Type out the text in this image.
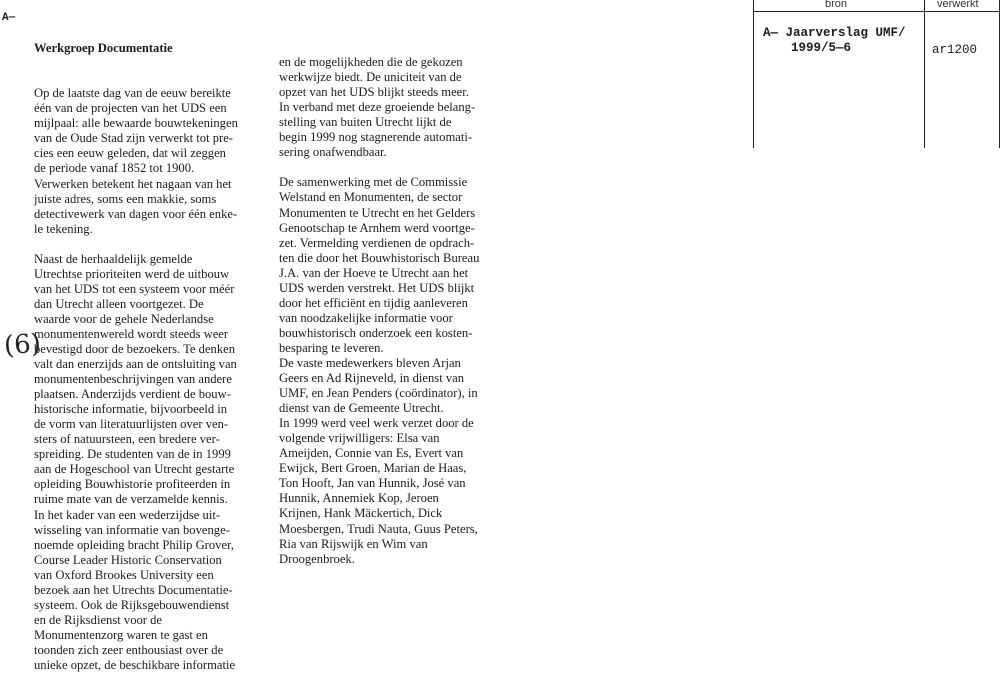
A—
(6)

Werkgroep Documentatie

Op de laatste dag van de eeuw bereikte

één van de projecten van het UDS een

mijlpaal: alle bewaarde bouwtekeningen

van de Oude Stad zijn verwerkt tot pre-

cies een eeuw geleden, dat wil zeggen

de periode vanaf 1852 tot 1900.

Verwerken betekent het nagaan van het

juiste adres, soms een makkie, soms

detectivewerk van dagen voor één enke-

le tekening.

Naast de herhaaldelijk gemelde

Utrechtse prioriteiten werd de uitbouw

van het UDS tot een systeem voor méér

dan Utrecht alleen voortgezet. De

waarde voor de gehele Nederlandse

monumentenwereld wordt steeds weer

bevestigd door de bezoekers. Te denken

valt dan enerzijds aan de ontsluiting van

monumentenbeschrijvingen van andere

plaatsen. Anderzijds verdient de bouw-

historische informatie, bijvoorbeeld in

de vorm van literatuurlijsten over ven-

sters of natuursteen, een bredere ver-

spreiding. De studenten van de in 1999

aan de Hogeschool van Utrecht gestarte

opleiding Bouwhistorie profiteerden in

ruime mate van de verzamelde kennis.

In het kader van een wederzijdse uit-

wisseling van informatie van bovenge-

noemde opleiding bracht Philip Grover,

Course Leader Historic Conservation

van Oxford Brookes University een

bezoek aan het Utrechts Documentatie-

systeem. Ook de Rijksgebouwendienst

en de Rijksdienst voor de

Monumentenzorg waren te gast en

toonden zich zeer enthousiast over de

unieke opzet, de beschikbare informatie

en de mogelijkheden die de gekozen

werkwijze biedt. De uniciteit van de

opzet van het UDS blijkt steeds meer.

In verband met deze groeiende belang-

stelling van buiten Utrecht lijkt de

begin 1999 nog stagnerende automati-

sering onafwendbaar.

De samenwerking met de Commissie

Welstand en Monumenten, de sector

Monumenten te Utrecht en het Gelders

Genootschap te Arnhem werd voortge-

zet. Vermelding verdienen de opdrach-

ten die door het Bouwhistorisch Bureau

J.A. van der Hoeve te Utrecht aan het

UDS werden verstrekt. Het UDS blijkt

door het efficiënt en tijdig aanleveren

van noodzakelijke informatie voor

bouwhistorisch onderzoek een kosten-

besparing te leveren.

De vaste medewerkers bleven Arjan

Geers en Ad Rijneveld, in dienst van

UMF, en Jean Penders (coördinator), in

dienst van de Gemeente Utrecht.

In 1999 werd veel werk verzet door de

volgende vrijwilligers: Elsa van

Ameijden, Connie van Es, Evert van

Ewijck, Bert Groen, Marian de Haas,

Ton Hooft, Jan van Hunnik, José van

Hunnik, Annemiek Kop, Jeroen

Krijnen, Hank Mäckertich, Dick

Moesbergen, Trudi Nauta, Guus Peters,

Ria van Rijswijk en Wim van

Droogenbroek.

bron	verwerkt
A— Jaarverslag UMF/
1999/5—6	ar1200
